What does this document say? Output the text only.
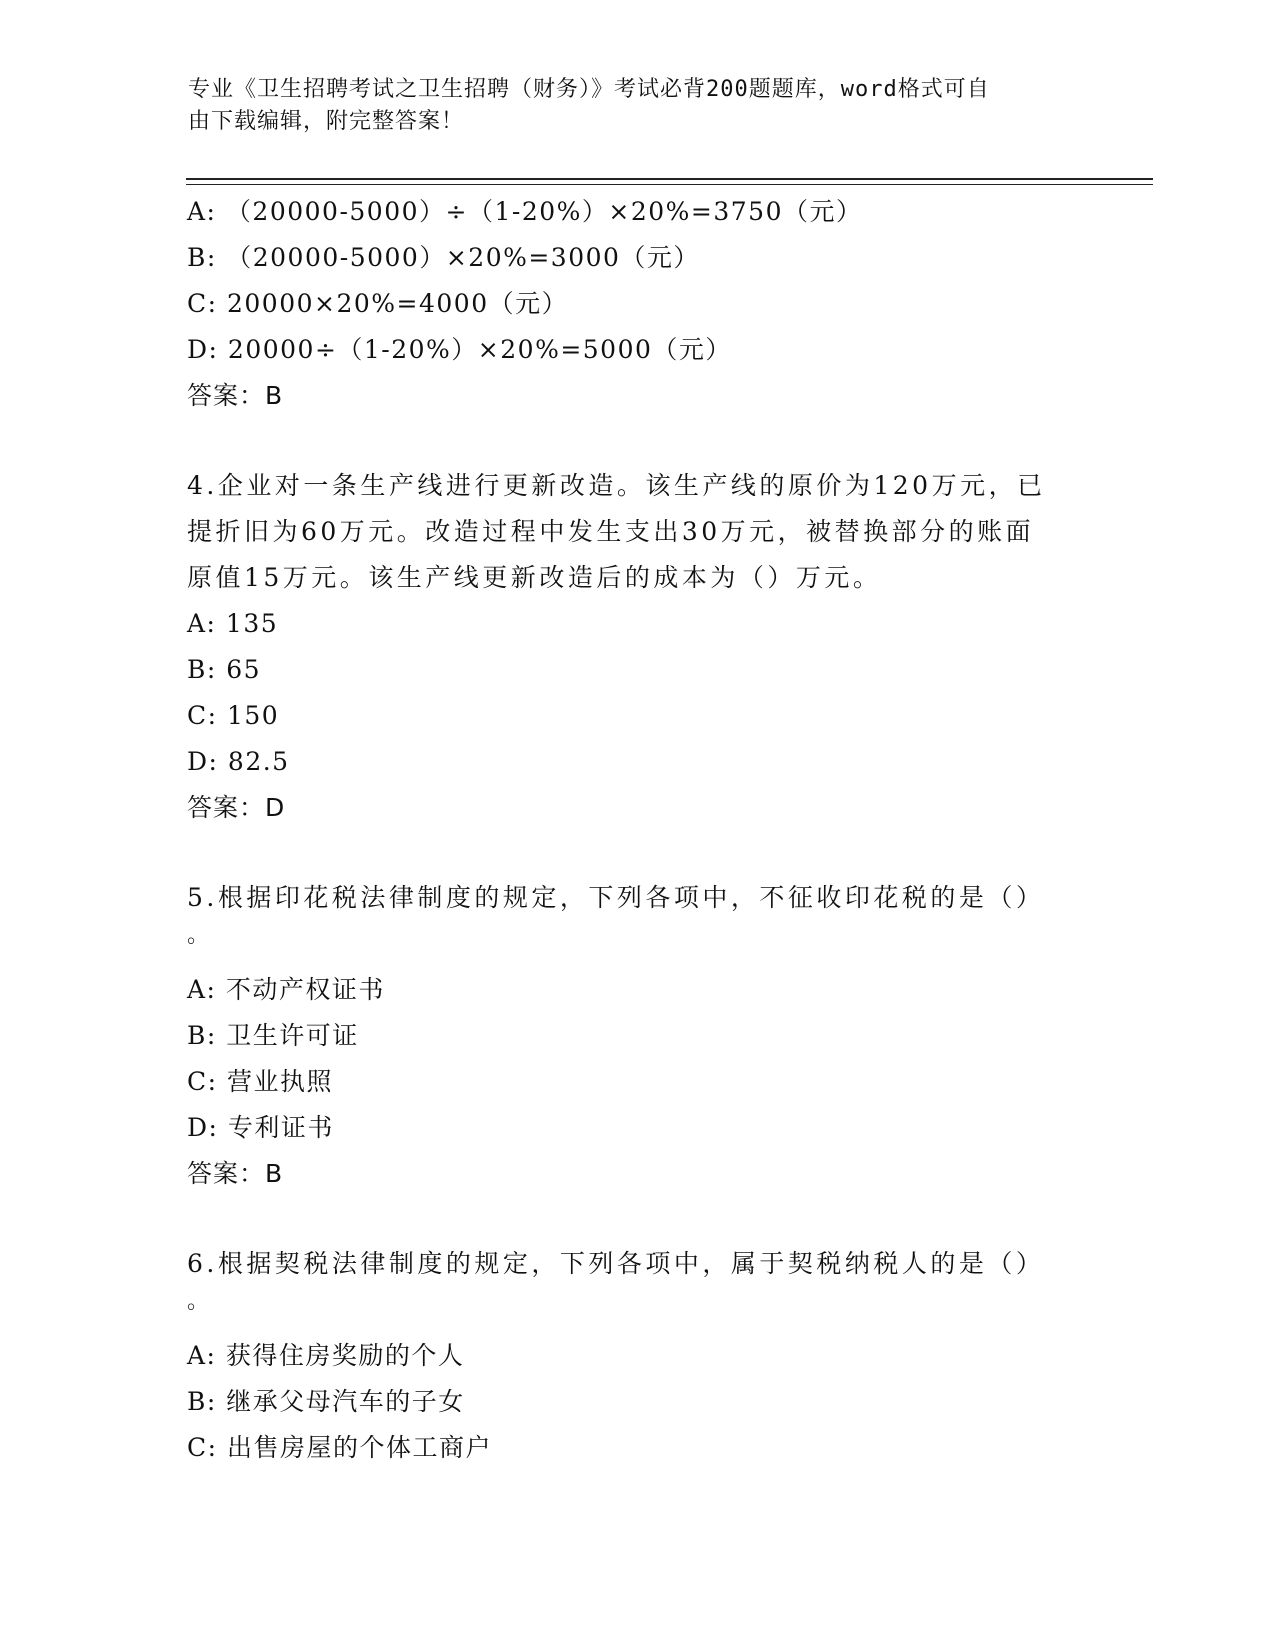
专业《卫生招聘考试之卫生招聘（财务）》考试必背200题题库，word格式可自
由下载编辑，附完整答案！
A: （20000-5000）÷（1-20%）×20%=3750（元）
B: （20000-5000）×20%=3000（元）
C: 20000×20%=4000（元）
D: 20000÷（1-20%）×20%=5000（元）
答案：B
4.企业对一条生产线进行更新改造。该生产线的原价为120万元，已
提折旧为60万元。改造过程中发生支出30万元，被替换部分的账面
原值15万元。该生产线更新改造后的成本为（）万元。
A: 135
B: 65
C: 150
D: 82.5
答案：D
5.根据印花税法律制度的规定，下列各项中，不征收印花税的是（）
。
A: 不动产权证书
B: 卫生许可证
C: 营业执照
D: 专利证书
答案：B
6.根据契税法律制度的规定，下列各项中，属于契税纳税人的是（）
。
A: 获得住房奖励的个人
B: 继承父母汽车的子女
C: 出售房屋的个体工商户
